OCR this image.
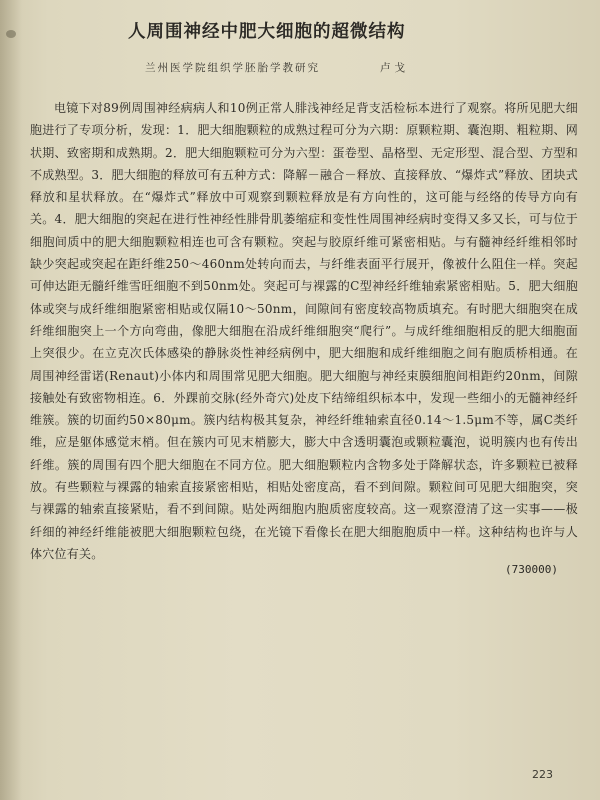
人周围神经中肥大细胞的超微结构
兰州医学院组织学胚胎学教研究	卢戈
电镜下对89例周围神经病病人和10例正常人腓浅神经足背支活检标本进行了观察。将所见肥大细胞进行了专项分析，发现：1．肥大细胞颗粒的成熟过程可分为六期：原颗粒期、囊泡期、粗粒期、网状期、致密期和成熟期。2．肥大细胞颗粒可分为六型：蛋卷型、晶格型、无定形型、混合型、方型和不成熟型。3．肥大细胞的释放可有五种方式：降解－融合－释放、直接释放、“爆炸式”释放、团块式释放和星状释放。在“爆炸式”释放中可观察到颗粒释放是有方向性的，这可能与经络的传导方向有关。4．肥大细胞的突起在进行性神经性腓骨肌萎缩症和变性性周围神经病时变得又多又长，可与位于细胞间质中的肥大细胞颗粒相连也可含有颗粒。突起与胶原纤维可紧密相贴。与有髓神经纤维相邻时缺少突起或突起在距纤维250～460nm处转向而去，与纤维表面平行展开，像被什么阻住一样。突起可伸达距无髓纤维雪旺细胞不到50nm处。突起可与裸露的C型神经纤维轴索紧密相贴。5．肥大细胞体或突与成纤维细胞紧密相贴或仅隔10～50nm，间隙间有密度较高物质填充。有时肥大细胞突在成纤维细胞突上一个方向弯曲，像肥大细胞在沿成纤维细胞突“爬行”。与成纤维细胞相反的肥大细胞面上突很少。在立克次氏体感染的静脉炎性神经病例中，肥大细胞和成纤维细胞之间有胞质桥相通。在周围神经雷诺(Renaut)小体内和周围常见肥大细胞。肥大细胞与神经束膜细胞间相距约20nm，间隙接触处有致密物相连。6．外踝前交脉(经外奇穴)处皮下结缔组织标本中，发现一些细小的无髓神经纤维簇。簇的切面约50×80μm。簇内结构极其复杂，神经纤维轴索直径0.14～1.5μm不等，属C类纤维，应是躯体感觉末梢。但在簇内可见末梢膨大，膨大中含透明囊泡或颗粒囊泡，说明簇内也有传出纤维。簇的周围有四个肥大细胞在不同方位。肥大细胞颗粒内含物多处于降解状态，许多颗粒已被释放。有些颗粒与裸露的轴索直接紧密相贴，相贴处密度高，看不到间隙。颗粒间可见肥大细胞突，突与裸露的轴索直接紧贴，看不到间隙。贴处两细胞内胞质密度较高。这一观察澄清了这一实事——极纤细的神经纤维能被肥大细胞颗粒包绕，在光镜下看像长在肥大细胞胞质中一样。这种结构也许与人体穴位有关。
(730000)
223
